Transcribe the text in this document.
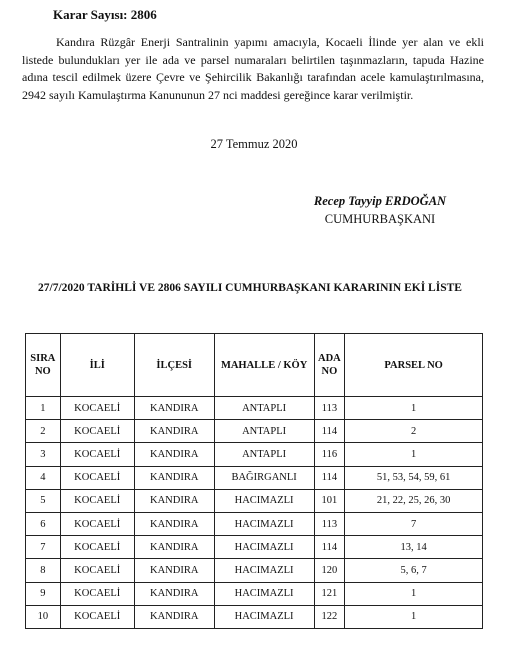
Karar Sayısı: 2806

Kandıra Rüzgâr Enerji Santralinin yapımı amacıyla, Kocaeli İlinde yer alan ve ekli listede bulundukları yer ile ada ve parsel numaraları belirtilen taşınmazların, tapuda Hazine adına tescil edilmek üzere Çevre ve Şehircilik Bakanlığı tarafından acele kamulaştırılmasına, 2942 sayılı Kamulaştırma Kanununun 27 nci maddesi gereğince karar verilmiştir.

27 Temmuz 2020
Recep Tayyip ERDOĞAN
CUMHURBAŞKANI

27/7/2020 TARİHLİ VE 2806 SAYILI CUMHURBAŞKANI KARARININ EKİ LİSTE

SIRA NO	İLİ	İLÇESİ	MAHALLE / KÖY	ADA NO	PARSEL NO
1	KOCAELİ	KANDIRA	ANTAPLI	113	1
2	KOCAELİ	KANDIRA	ANTAPLI	114	2
3	KOCAELİ	KANDIRA	ANTAPLI	116	1
4	KOCAELİ	KANDIRA	BAĞIRGANLI	114	51, 53, 54, 59, 61
5	KOCAELİ	KANDIRA	HACIMAZLI	101	21, 22, 25, 26, 30
6	KOCAELİ	KANDIRA	HACIMAZLI	113	7
7	KOCAELİ	KANDIRA	HACIMAZLI	114	13, 14
8	KOCAELİ	KANDIRA	HACIMAZLI	120	5, 6, 7
9	KOCAELİ	KANDIRA	HACIMAZLI	121	1
10	KOCAELİ	KANDIRA	HACIMAZLI	122	1
